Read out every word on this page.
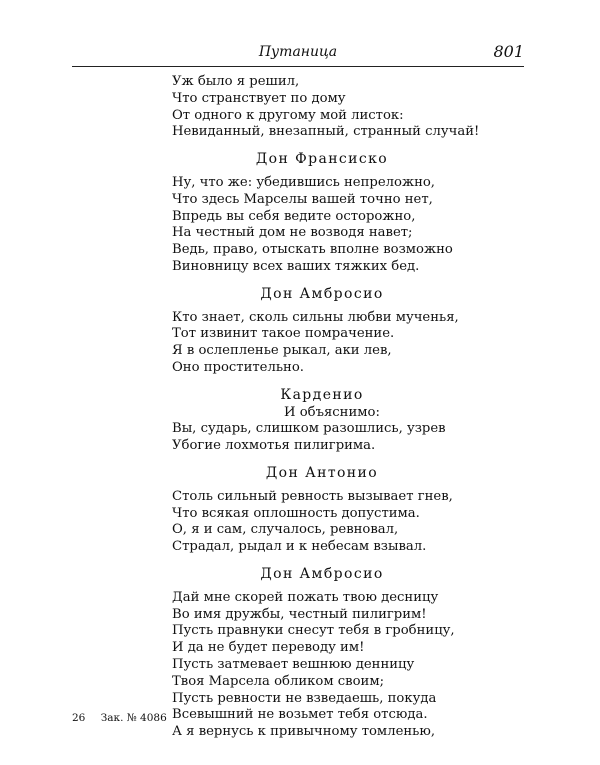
Путаница	801
Уж было я решил,
Что странствует по дому
От одного к другому мой листок:
Невиданный, внезапный, странный случай!
Дон Франсиско
Ну, что же: убедившись непреложно,
Что здесь Марселы вашей точно нет,
Впредь вы себя ведите осторожно,
На честный дом не возводя навет;
Ведь, право, отыскать вполне возможно
Виновницу всех ваших тяжких бед.
Дон Амбросио
Кто знает, сколь сильны любви мученья,
Тот извинит такое помрачение.
Я в ослепленье рыкал, аки лев,
Оно простительно.
Карденио
И объяснимо:
Вы, сударь, слишком разошлись, узрев
Убогие лохмотья пилигрима.
Дон Антонио
Столь сильный ревность вызывает гнев,
Что всякая оплошность допустима.
О, я и сам, случалось, ревновал,
Страдал, рыдал и к небесам взывал.
Дон Амбросио
Дай мне скорей пожать твою десницу
Во имя дружбы, честный пилигрим!
Пусть правнуки снесут тебя в гробницу,
И да не будет переводу им!
Пусть затмевает вешнюю денницу
Твоя Марсела обликом своим;
Пусть ревности не взведаешь, покуда
Всевышний не возьмет тебя отсюда.
А я вернусь к привычному томленью,
26 Зак. № 4086
